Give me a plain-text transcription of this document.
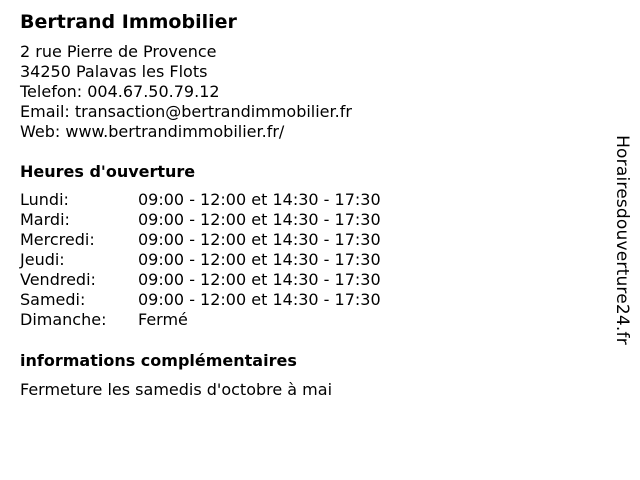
Bertrand Immobilier
2 rue Pierre de Provence
34250 Palavas les Flots
Telefon: 004.67.50.79.12
Email: transaction@bertrandimmobilier.fr
Web: www.bertrandimmobilier.fr/
Heures d'ouverture
Lundi:	09:00 - 12:00 et 14:30 - 17:30
Mardi:	09:00 - 12:00 et 14:30 - 17:30
Mercredi:	09:00 - 12:00 et 14:30 - 17:30
Jeudi:	09:00 - 12:00 et 14:30 - 17:30
Vendredi:	09:00 - 12:00 et 14:30 - 17:30
Samedi:	09:00 - 12:00 et 14:30 - 17:30
Dimanche:	Fermé
informations complémentaires
Fermeture les samedis d'octobre à mai
Horairesdouverture24.fr
